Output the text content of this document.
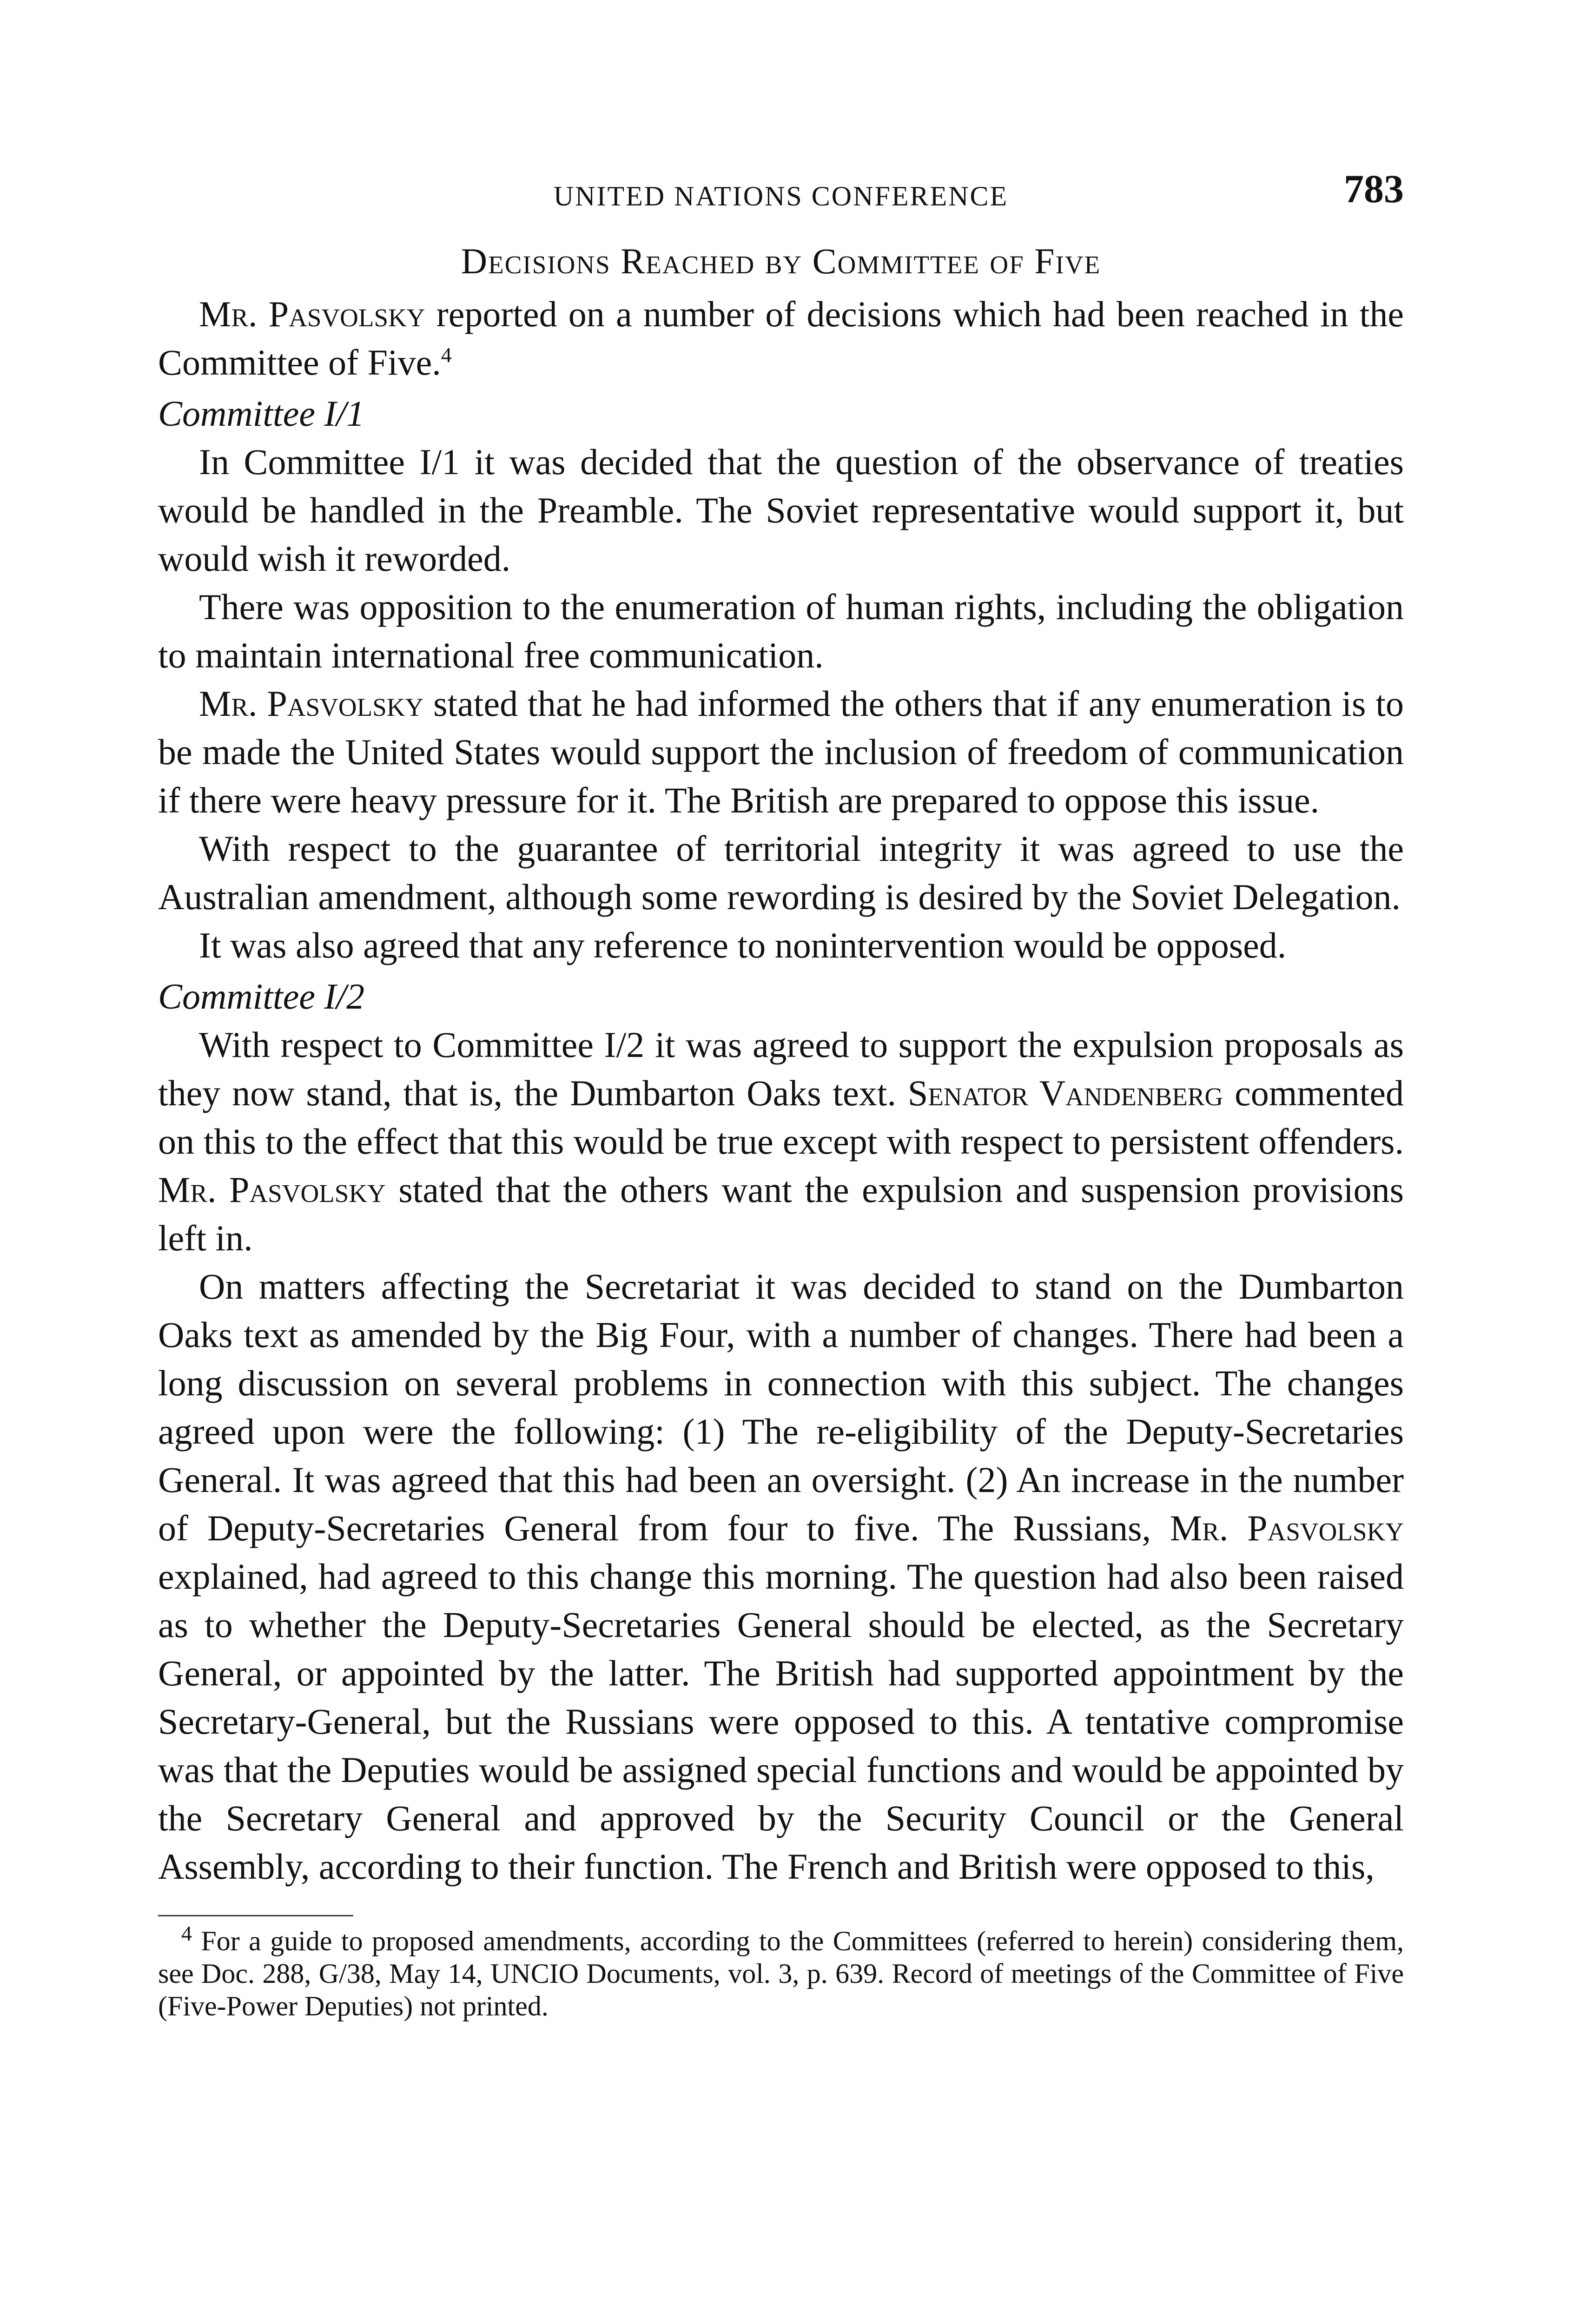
UNITED NATIONS CONFERENCE	783
Decisions Reached by Committee of Five

Mr. Pasvolsky reported on a number of decisions which had been reached in the Committee of Five.$^4$

Committee I/1

In Committee I/1 it was decided that the question of the observance of treaties would be handled in the Preamble. The Soviet representative would support it, but would wish it reworded.

There was opposition to the enumeration of human rights, including the obligation to maintain international free communication.

Mr. Pasvolsky stated that he had informed the others that if any enumeration is to be made the United States would support the inclusion of freedom of communication if there were heavy pressure for it. The British are prepared to oppose this issue.

With respect to the guarantee of territorial integrity it was agreed to use the Australian amendment, although some rewording is desired by the Soviet Delegation.

It was also agreed that any reference to nonintervention would be opposed.

Committee I/2

With respect to Committee I/2 it was agreed to support the expulsion proposals as they now stand, that is, the Dumbarton Oaks text. Senator Vandenberg commented on this to the effect that this would be true except with respect to persistent offenders. Mr. Pasvolsky stated that the others want the expulsion and suspension provisions left in.

On matters affecting the Secretariat it was decided to stand on the Dumbarton Oaks text as amended by the Big Four, with a number of changes. There had been a long discussion on several problems in connection with this subject. The changes agreed upon were the following: (1) The re-eligibility of the Deputy-Secretaries General. It was agreed that this had been an oversight. (2) An increase in the number of Deputy-Secretaries General from four to five. The Russians, Mr. Pasvolsky explained, had agreed to this change this morning. The question had also been raised as to whether the Deputy-Secretaries General should be elected, as the Secretary General, or appointed by the latter. The British had supported appointment by the Secretary-General, but the Russians were opposed to this. A tentative compromise was that the Deputies would be assigned special functions and would be appointed by the Secretary General and approved by the Security Council or the General Assembly, according to their function. The French and British were opposed to this,

$^4$ For a guide to proposed amendments, according to the Committees (referred to herein) considering them, see Doc. 288, G/38, May 14, UNCIO Documents, vol. 3, p. 639. Record of meetings of the Committee of Five (Five-Power Deputies) not printed.
